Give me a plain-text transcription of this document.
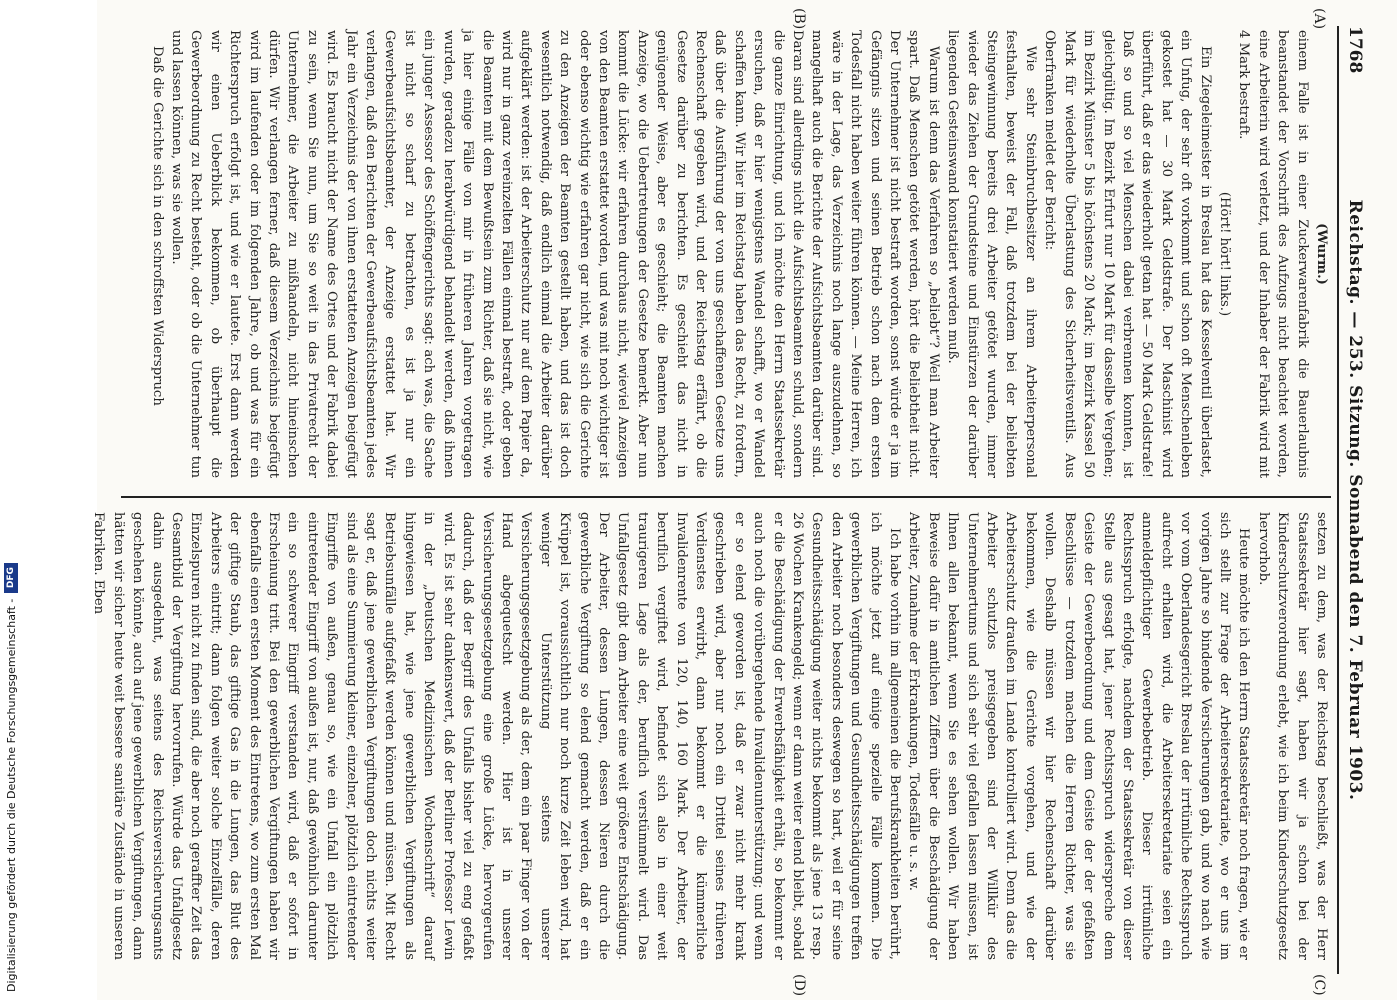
1768
Reichstag. — 253. Sitzung. Sonnabend den 7. Februar 1903.
(A)
(B)
(C)
(D)

(Wurm.)

einem Falle ist in einer Zuckerwarenfabrik die Bauerlaubnis beanstandet der Vorschrift des Aufzugs nicht beachtet worden, eine Arbeiterin wird verletzt, und der Inhaber der Fabrik wird mit 4 Mark bestraft.

(Hört! hört! links.)

Ein Ziegeleimeister in Breslau hat das Kesselventil überlastet, ein Unfug, der sehr oft vorkommt und schon oft Menschenleben gekostet hat — 30 Mark Geldstrafe. Der Maschinist wird überführt, daß er das wiederholt getan hat — 50 Mark Geldstrafe! Daß so und so viel Menschen dabei verbrennen konnten, ist gleichgültig. Im Bezirk Erfurt nur 10 Mark für dasselbe Vergehen; im Bezirk Münster 5 bis höchstens 20 Mark; im Bezirk Kassel 50 Mark für wiederholte Überlastung des Sicherheitsventils. Aus Oberfranken meldet der Bericht:

Wie sehr Steinbruchbesitzer an ihrem Arbeiterpersonal festhalten, beweist der Fall, daß trotzdem bei der beliebten Steingewinnung bereits drei Arbeiter getötet wurden, immer wieder das Ziehen der Grundsteine und Einstürzen der darüber liegenden Gesteinswand konstatiert werden muß.

Warum ist denn das Verfahren so „beliebt“? Weil man Arbeiter spart. Daß Menschen getötet werden, hört die Beliebtheit nicht. Der Unternehmer ist nicht bestraft worden, sonst würde er ja im Gefängnis sitzen und seinen Betrieb schon nach dem ersten Todesfall nicht haben weiter führen können. — Meine Herren, ich wäre in der Lage, das Verzeichnis noch lange auszudehnen, so mangelhaft auch die Berichte der Aufsichtsbeamten darüber sind. Daran sind allerdings nicht die Aufsichtsbeamten schuld, sondern die ganze Einrichtung, und ich möchte den Herrn Staatssekretär ersuchen, daß er hier wenigstens Wandel schafft, wo er Wandel schaffen kann. Wir hier im Reichstag haben das Recht, zu fordern, daß über die Ausführung der von uns geschaffenen Gesetze uns Rechenschaft gegeben wird, und der Reichstag erfährt, ob die Gesetze darüber zu berichten. Es geschieht das nicht in genügender Weise, aber es geschieht; die Beamten machen Anzeige, wo die Uebertretungen der Gesetze bemerkt. Aber nun kommt die Lücke: wir erfahren durchaus nicht, wieviel Anzeigen von den Beamten erstattet worden, und was mit noch wichtiger ist oder ebenso wichtig wie erfahren gar nicht, wie sich die Gerichte zu den Anzeigen der Beamten gestellt haben, und das ist doch wesentlich notwendig, daß endlich einmal die Arbeiter darüber aufgeklärt werden: ist der Arbeiterschutz nur auf dem Papier da, wird nur in ganz vereinzelten Fällen einmal bestraft, oder geben die Beamten mit dem Bewußtsein zum Richter, daß sie nicht, wie ja hier einige Fälle von mir in früheren Jahren vorgetragen wurden, geradezu herabwürdigend behandelt werden, daß ihnen ein junger Assessor des Schöffengerichts sagt: ach was, die Sache ist nicht so scharf zu betrachten, es ist ja nur ein Gewerbeaufsichtsbeamter, der Anzeige erstattet hat. Wir verlangen, daß den Berichten der Gewerbeaufsichtsbeamten jedes Jahr ein Verzeichnis der von ihnen erstatteten Anzeigen beigefügt wird. Es braucht nicht der Name des Ortes und der Fabrik dabei zu sein, wenn Sie nun, um Sie so weit in das Privatrecht der Unternehmer, die Arbeiter zu mißhandeln, nicht hineinschen dürfen. Wir verlangen ferner, daß diesem Verzeichnis beigefügt wird im laufenden oder im folgenden Jahre, ob und was für ein Richterspruch erfolgt ist, und wie er lautete. Erst dann werden wir einen Ueberblick bekommen, ob überhaupt die Gewerbeordnung zu Recht besteht, oder ob die Unternehmer tun und lassen können, was sie wollen.

Daß die Gerichte sich in den schroffsten Widerspruch

setzen zu dem, was der Reichstag beschließt, was der Herr Staatssekretär hier sagt, haben wir ja schon bei der Kinderschutzverordnung erlebt, wie ich beim Kinderschutzgesetz hervorhob.

Heute möchte ich den Herrn Staatssekretär noch fragen, wie er sich stellt zur Frage der Arbeitersekretariate, wo er uns im vorigen Jahre so bindende Versicherungen gab, und wo nach wie vor vom Oberlandesgericht Breslau der irrtümliche Rechtsspruch aufrecht erhalten wird, die Arbeitersekretariate seien ein anmeldepflichtiger Gewerbebetrieb. Dieser irrtümliche Rechtsspruch erfolgte, nachdem der Staatssekretär von dieser Stelle aus gesagt hat, jener Rechtsspruch widerspreche dem Geiste der Gewerbeordnung und dem Geiste der der gefaßten Beschlüsse — trotzdem machen die Herren Richter, was sie wollen. Deshalb müssen wir hier Rechenschaft darüber bekommen, wie die Gerichte vorgehen, und wie der Arbeiterschutz draußen im Lande kontrolliert wird. Denn das die Arbeiter schutzlos preisgegeben sind der Willkür des Unternehmertums und sich sehr viel gefallen lassen müssen, ist Ihnen allen bekannt, wenn Sie es sehen wollen. Wir haben Beweise dafür in amtlichen Ziffern über die Beschädigung der Arbeiter, Zunahme der Erkrankungen, Todesfälle u. s. w.

Ich habe vorhin im allgemeinen die Berufskrankheiten berührt, ich möchte jetzt auf einige spezielle Fälle kommen. Die gewerblichen Vergiftungen und Gesundheitsschädigungen treffen den Arbeiter noch besonders deswegen so hart, weil er für seine Gesundheitsschädigung weiter nichts bekommt als jene 13 resp. 26 Wochen Krankengeld; wenn er dann weiter elend bleibt, sobald er die Beschädigung der Erwerbsfähigkeit erhält, so bekommt er auch noch die vorübergehende Invalidenunterstützung; und wenn er so elend geworden ist, daß er zwar nicht mehr krank geschrieben wird, aber nur noch ein Drittel seines früheren Verdienstes erwirbt, dann bekommt er die kümmerliche Invalidenrente von 120, 140, 160 Mark. Der Arbeiter, der beruflich vergiftet wird, befindet sich also in einer weit traurigeren Lage als der, beruflich verstümmelt wird. Das Unfallgesetz gibt dem Arbeiter eine weit größere Entschädigung. Der Arbeiter, dessen Lungen, dessen Nieren durch die gewerbliche Vergiftung so elend gemacht werden, daß er ein Krüppel ist, voraussichtlich nur noch kurze Zeit leben wird, hat weniger Unterstützung seitens unserer Versicherungsgesetzgebung als der, dem ein paar Finger von der Hand abgequetscht werden. Hier ist in unserer Versicherungsgesetzgebung eine große Lücke, hervorgerufen dadurch, daß der Begriff des Unfalls bisher viel zu eng gefaßt wird. Es ist sehr dankenswert, daß der Berliner Professor Lewin in der „Deutschen Medizinischen Wochenschrift“ darauf hingewiesen hat, wie jene gewerblichen Vergiftungen als Betriebsunfälle aufgefaßt werden können und müssen. Mit Recht sagt er, daß jene gewerblichen Vergiftungen doch nichts weiter sind als eine Summierung kleiner, einzelner, plötzlich eintretender Eingriffe von außen, genau so, wie ein Unfall ein plötzlich eintretender Eingriff von außen ist, nur, daß gewöhnlich darunter ein so schwerer Eingriff verstanden wird, daß er sofort in Erscheinung tritt. Bei den gewerblichen Vergiftungen haben wir ebenfalls einen ersten Moment des Eintretens, wo zum ersten Mal der giftige Staub, das giftige Gas in die Lungen, das Blut des Arbeiters eintritt; dann folgen weiter solche Einzelfälle, deren Einzelspuren nicht zu finden sind, die aber noch geraffter Zeit das Gesamtbild der Vergiftung hervorrufen. Würde das Unfallgesetz dahin ausgedehnt, was seitens des Reichsversicherungsamts geschehen könnte, auch auf jene gewerblichen Vergiftungen, dann hätten wir sicher heute weit bessere sanitäre Zustände in unseren Fabriken. Eben

Digitalisierung gefördert durch die Deutsche Forschungsgemeinschaft -
DFG
